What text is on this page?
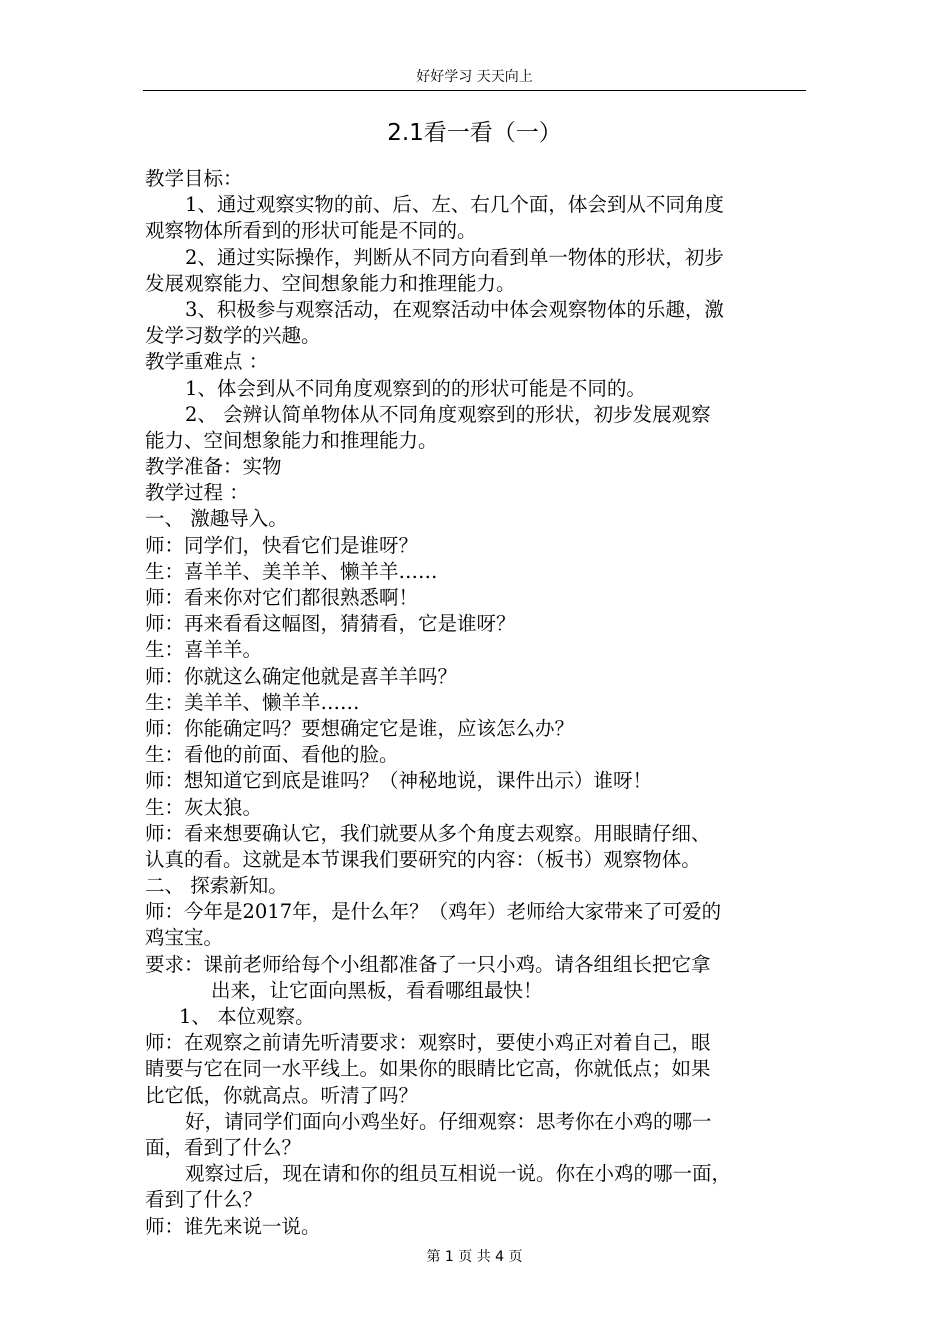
好好学习 天天向上
2.1看一看（一）
教学目标：
1、通过观察实物的前、后、左、右几个面，体会到从不同角度
观察物体所看到的形状可能是不同的。
2、通过实际操作，判断从不同方向看到单一物体的形状，初步
发展观察能力、空间想象能力和推理能力。
3、积极参与观察活动，在观察活动中体会观察物体的乐趣，激
发学习数学的兴趣。
教学重难点 ：
1、体会到从不同角度观察到的的形状可能是不同的。
2、 会辨认简单物体从不同角度观察到的形状，初步发展观察
能力、空间想象能力和推理能力。
教学准备：实物
教学过程 ：
一、 激趣导入。
师：同学们，快看它们是谁呀？
生：喜羊羊、美羊羊、懒羊羊……
师：看来你对它们都很熟悉啊！
师：再来看看这幅图，猜猜看，它是谁呀？
生：喜羊羊。
师：你就这么确定他就是喜羊羊吗？
生：美羊羊、懒羊羊……
师：你能确定吗？要想确定它是谁，应该怎么办？
生：看他的前面、看他的脸。
师：想知道它到底是谁吗？（神秘地说，课件出示）谁呀！
生：灰太狼。
师：看来想要确认它，我们就要从多个角度去观察。用眼睛仔细、
认真的看。这就是本节课我们要研究的内容：（板书）观察物体。
二、 探索新知。
师：今年是2017年，是什么年？（鸡年）老师给大家带来了可爱的
鸡宝宝。
要求：课前老师给每个小组都准备了一只小鸡。请各组组长把它拿
出来，让它面向黑板，看看哪组最快！
1、 本位观察。
师：在观察之前请先听清要求：观察时，要使小鸡正对着自己，眼
睛要与它在同一水平线上。如果你的眼睛比它高，你就低点；如果
比它低，你就高点。听清了吗？
好，请同学们面向小鸡坐好。仔细观察：思考你在小鸡的哪一
面，看到了什么？
观察过后，现在请和你的组员互相说一说。你在小鸡的哪一面，
看到了什么？
师：谁先来说一说。
第 1 页 共 4 页
